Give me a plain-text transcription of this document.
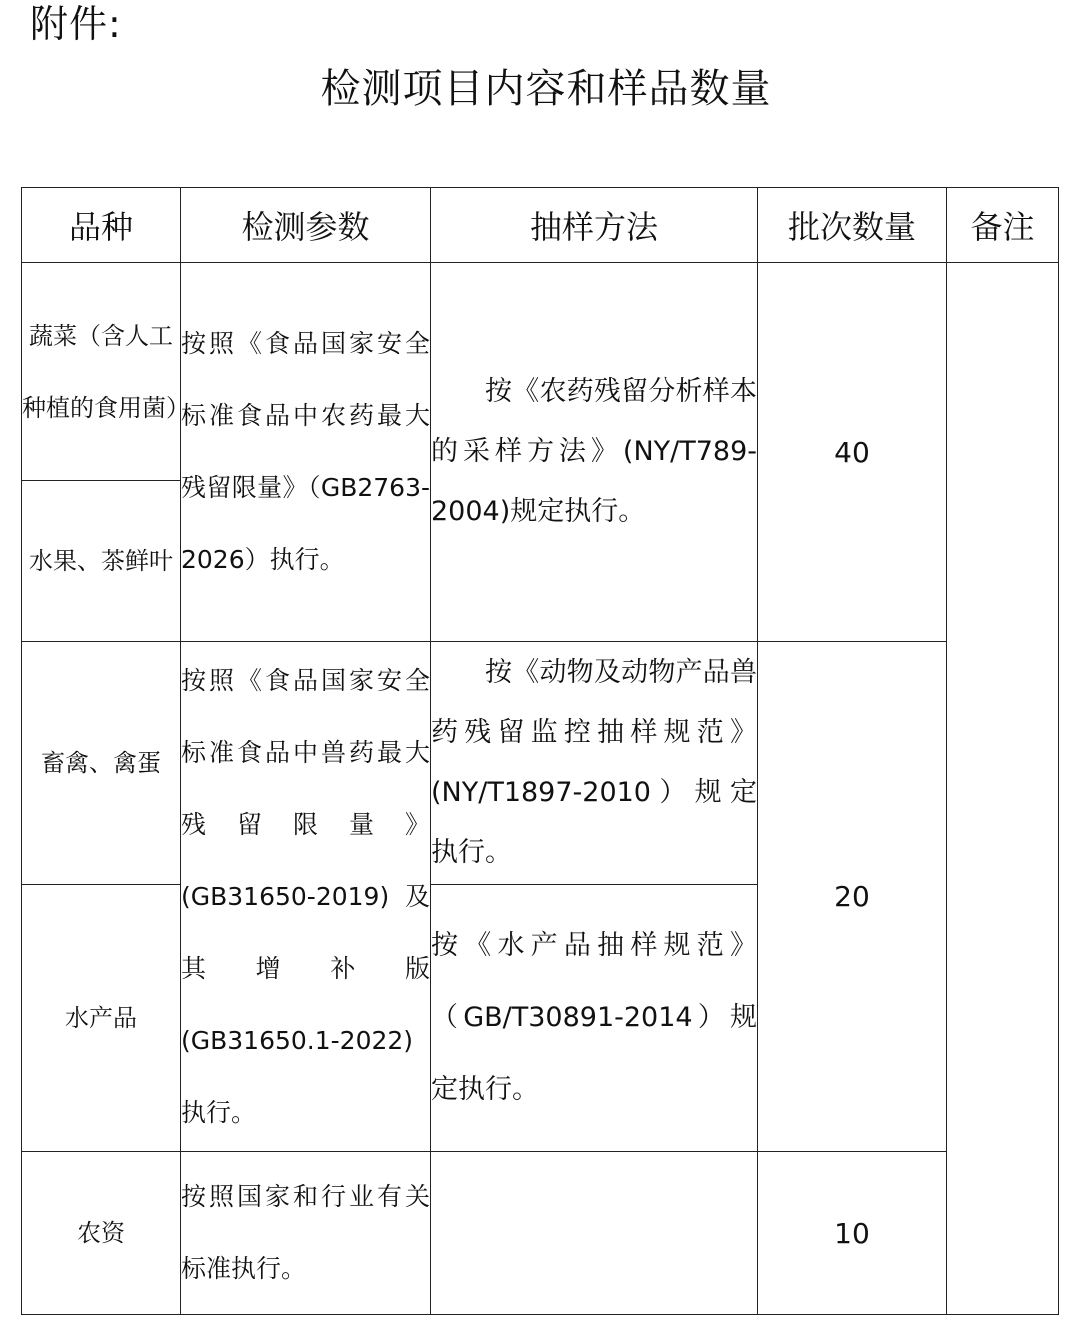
附件:
检测项目内容和样品数量
品种	检测参数	抽样方法	批次数量	备注
蔬菜（含人工种植的食用菌）	按照《食品国家安全标准食品中农药最大残留限量》（GB2763-2026）执行。	按《农药残留分析样本的采样方法》(NY/T789-2004)规定执行。	40	
水果、茶鲜叶				
畜禽、禽蛋	按照《食品国家安全标准食品中兽药最大残留限量》(GB31650-2019) 及其增补版(GB31650.1-2022)执行。	按《动物及动物产品兽药残留监控抽样规范》(NY/T1897-2010）规定执行。	20	
水产品		按《水产品抽样规范》（GB/T30891-2014）规定执行。		
农资	按照国家和行业有关标准执行。		10	
